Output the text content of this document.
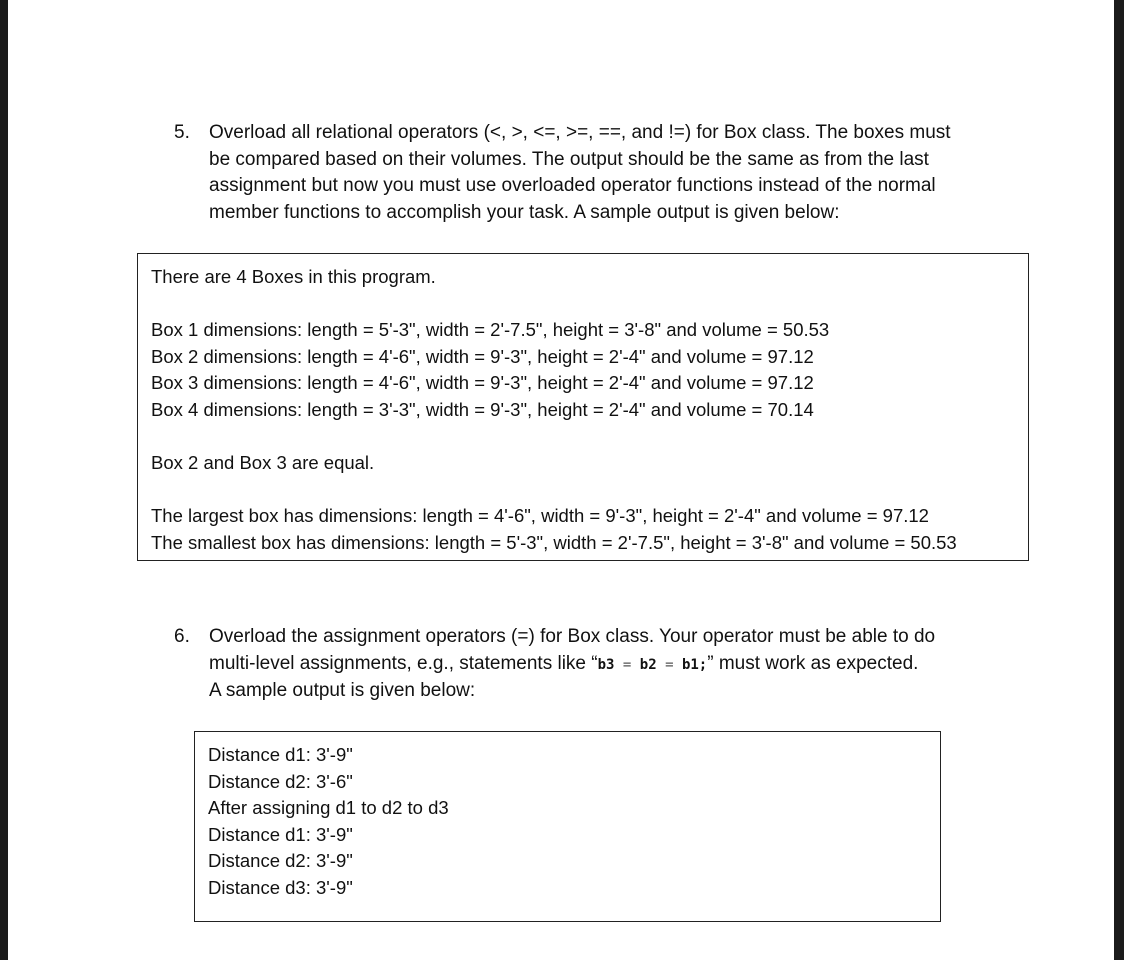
5. Overload all relational operators (<, >, <=, >=, ==, and !=) for Box class. The boxes must
be compared based on their volumes. The output should be the same as from the last
assignment but now you must use overloaded operator functions instead of the normal
member functions to accomplish your task. A sample output is given below:
There are 4 Boxes in this program.
Box 1 dimensions: length = 5'-3", width = 2'-7.5", height = 3'-8" and volume = 50.53
Box 2 dimensions: length = 4'-6", width = 9'-3", height = 2'-4" and volume = 97.12
Box 3 dimensions: length = 4'-6", width = 9'-3", height = 2'-4" and volume = 97.12
Box 4 dimensions: length = 3'-3", width = 9'-3", height = 2'-4" and volume = 70.14
Box 2 and Box 3 are equal.
The largest box has dimensions: length = 4'-6", width = 9'-3", height = 2'-4" and volume = 97.12
The smallest box has dimensions: length = 5'-3", width = 2'-7.5", height = 3'-8" and volume = 50.53
6. Overload the assignment operators (=) for Box class. Your operator must be able to do
multi-level assignments, e.g., statements like “b3 = b2 = b1;” must work as expected.
A sample output is given below:
Distance d1: 3'-9"
Distance d2: 3'-6"
After assigning d1 to d2 to d3
Distance d1: 3'-9"
Distance d2: 3'-9"
Distance d3: 3'-9"
